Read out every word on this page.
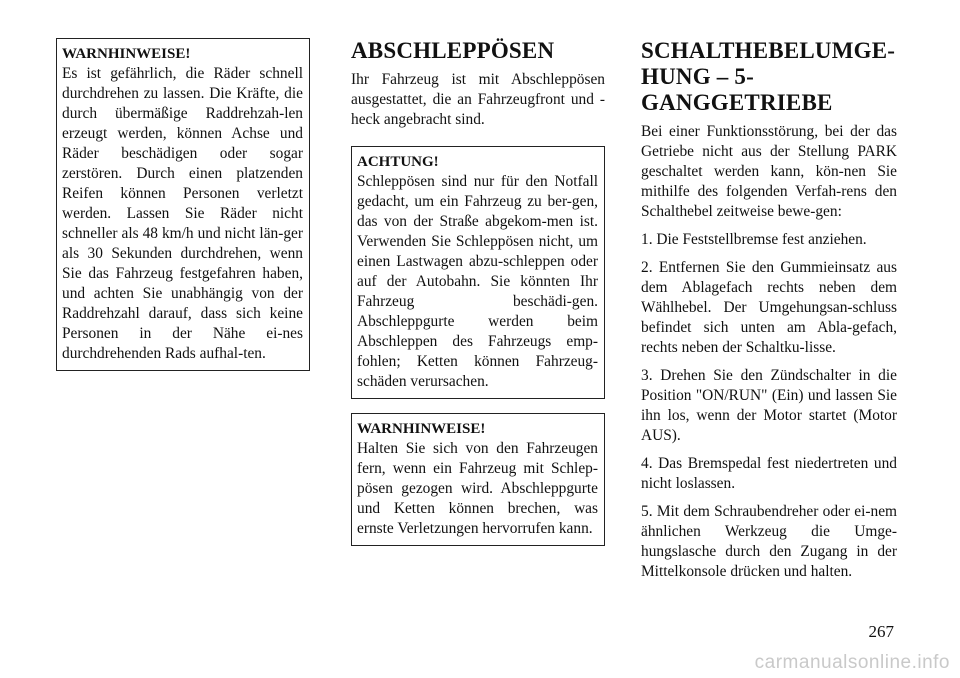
WARNHINWEISE!
Es ist gefährlich, die Räder schnell durchdrehen zu lassen. Die Kräfte, die durch übermäßige Raddrehzah-len erzeugt werden, können Achse und Räder beschädigen oder sogar zerstören. Durch einen platzenden Reifen können Personen verletzt werden. Lassen Sie Räder nicht schneller als 48 km/h und nicht län-ger als 30 Sekunden durchdrehen, wenn Sie das Fahrzeug festgefahren haben, und achten Sie unabhängig von der Raddrehzahl darauf, dass sich keine Personen in der Nähe ei-nes durchdrehenden Rads aufhal-ten.
ABSCHLEPPÖSEN

Ihr Fahrzeug ist mit Abschleppösen ausgestattet, die an Fahrzeugfront und -heck angebracht sind.

ACHTUNG!
Schleppösen sind nur für den Notfall gedacht, um ein Fahrzeug zu ber-gen, das von der Straße abgekom-men ist. Verwenden Sie Schleppösen nicht, um einen Lastwagen abzu-schleppen oder auf der Autobahn. Sie könnten Ihr Fahrzeug beschädi-gen. Abschleppgurte werden beim Abschleppen des Fahrzeugs emp-fohlen; Ketten können Fahrzeug-schäden verursachen.
WARNHINWEISE!
Halten Sie sich von den Fahrzeugen fern, wenn ein Fahrzeug mit Schlep-pösen gezogen wird. Abschleppgurte und Ketten können brechen, was ernste Verletzungen hervorrufen kann.
SCHALTHEBELUMGE-HUNG – 5-GANGGETRIEBE

Bei einer Funktionsstörung, bei der das Getriebe nicht aus der Stellung PARK geschaltet werden kann, kön-nen Sie mithilfe des folgenden Verfah-rens den Schalthebel zeitweise bewe-gen:

1. Die Feststellbremse fest anziehen.

2. Entfernen Sie den Gummieinsatz aus dem Ablagefach rechts neben dem Wählhebel. Der Umgehungsan-schluss befindet sich unten am Abla-gefach, rechts neben der Schaltku-lisse.

3. Drehen Sie den Zündschalter in die Position "ON/RUN" (Ein) und lassen Sie ihn los, wenn der Motor startet (Motor AUS).

4. Das Bremspedal fest niedertreten und nicht loslassen.

5. Mit dem Schraubendreher oder ei-nem ähnlichen Werkzeug die Umge-hungslasche durch den Zugang in der Mittelkonsole drücken und halten.

267
carmanualsonline.info
